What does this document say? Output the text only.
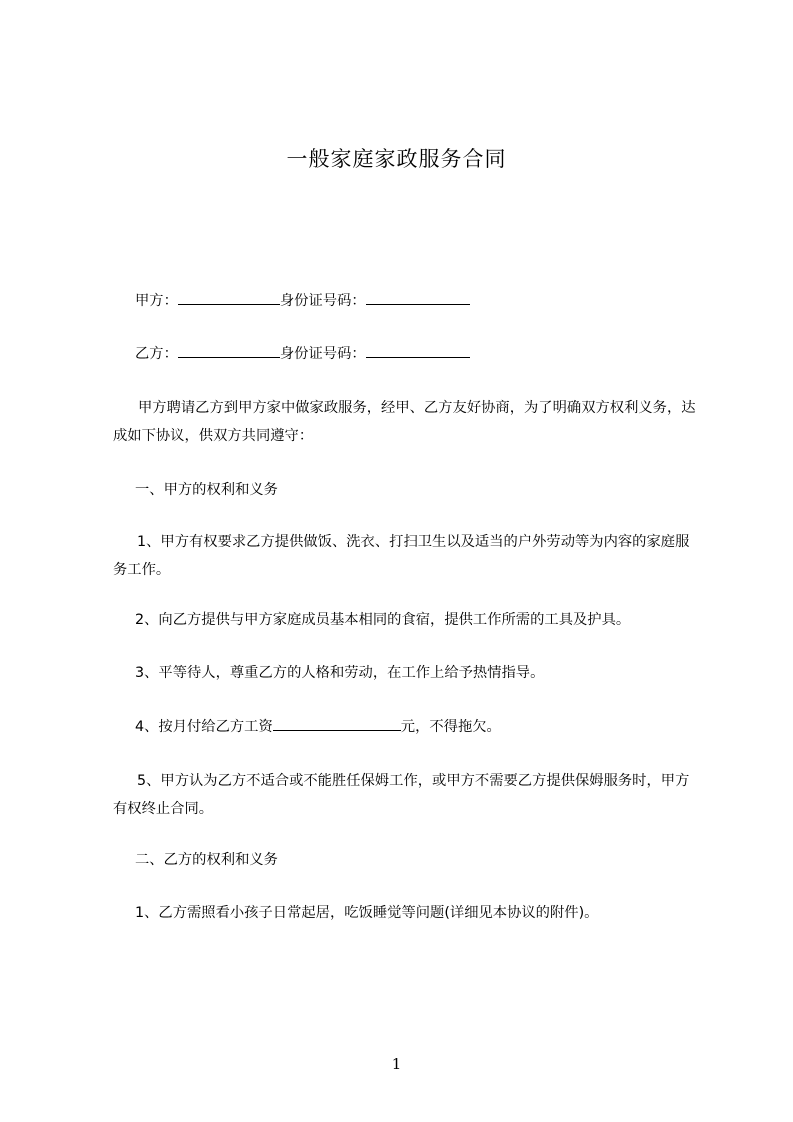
一般家庭家政服务合同

甲方：	身份证号码：

乙方：	身份证号码：

甲方聘请乙方到甲方家中做家政服务，经甲、乙方友好协商，为了明确双方权利义务，达成如下协议，供双方共同遵守：

一、甲方的权利和义务

1、甲方有权要求乙方提供做饭、洗衣、打扫卫生以及适当的户外劳动等为内容的家庭服务工作。

2、向乙方提供与甲方家庭成员基本相同的食宿，提供工作所需的工具及护具。

3、平等待人，尊重乙方的人格和劳动，在工作上给予热情指导。

4、按月付给乙方工资	元，不得拖欠。

5、甲方认为乙方不适合或不能胜任保姆工作，或甲方不需要乙方提供保姆服务时，甲方有权终止合同。

二、乙方的权利和义务

1、乙方需照看小孩子日常起居，吃饭睡觉等问题(详细见本协议的附件)。

1
